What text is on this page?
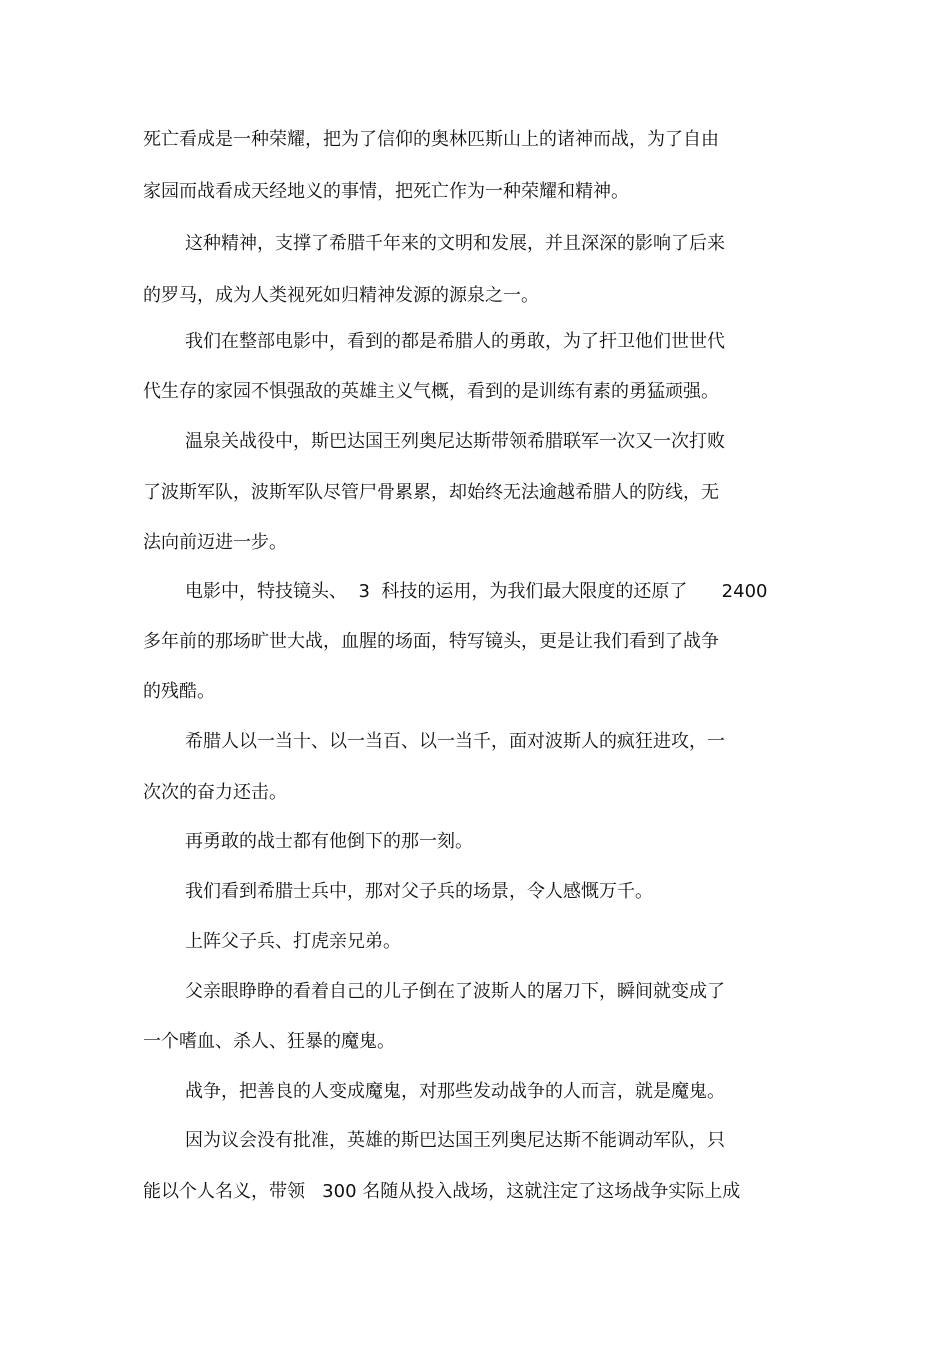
死亡看成是一种荣耀，把为了信仰的奥林匹斯山上的诸神而战，为了自由

家园而战看成天经地义的事情，把死亡作为一种荣耀和精神。

这种精神，支撑了希腊千年来的文明和发展，并且深深的影响了后来

的罗马，成为人类视死如归精神发源的源泉之一。

我们在整部电影中，看到的都是希腊人的勇敢，为了扞卫他们世世代

代生存的家园不惧强敌的英雄主义气概，看到的是训练有素的勇猛顽强。

温泉关战役中，斯巴达国王列奥尼达斯带领希腊联军一次又一次打败

了波斯军队，波斯军队尽管尸骨累累，却始终无法逾越希腊人的防线，无

法向前迈进一步。

电影中，特技镜头、  3  科技的运用，为我们最大限度的还原了      2400

多年前的那场旷世大战，血腥的场面，特写镜头，更是让我们看到了战争

的残酷。

希腊人以一当十、以一当百、以一当千，面对波斯人的疯狂进攻，一

次次的奋力还击。

再勇敢的战士都有他倒下的那一刻。

我们看到希腊士兵中，那对父子兵的场景，令人感慨万千。

上阵父子兵、打虎亲兄弟。

父亲眼睁睁的看着自己的儿子倒在了波斯人的屠刀下，瞬间就变成了

一个嗜血、杀人、狂暴的魔鬼。

战争，把善良的人变成魔鬼，对那些发动战争的人而言，就是魔鬼。

因为议会没有批准，英雄的斯巴达国王列奥尼达斯不能调动军队，只

能以个人名义，带领   300 名随从投入战场，这就注定了这场战争实际上成
